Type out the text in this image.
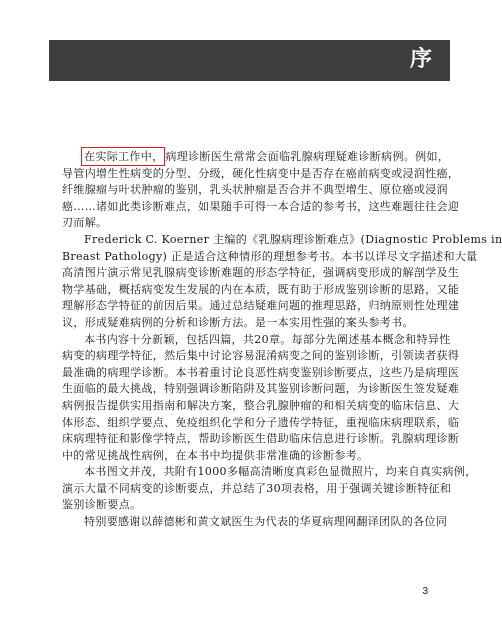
序
在实际工作中， 病理诊断医生常常会面临乳腺病理疑难诊断病例。例如，
导管内增生性病变的分型、分级，硬化性病变中是否存在癌前病变或浸润性癌，
纤维腺瘤与叶状肿瘤的鉴别，乳头状肿瘤是否合并不典型增生、原位癌或浸润
癌……诸如此类诊断难点，如果随手可得一本合适的参考书，这些难题往往会迎
刃而解。
Frederick C. Koerner 主编的《乳腺病理诊断难点》(Diagnostic Problems in
Breast Pathology) 正是适合这种情形的理想参考书。本书以详尽文字描述和大量
高清图片演示常见乳腺病变诊断难题的形态学特征，强调病变形成的解剖学及生
物学基础，概括病变发生发展的内在本质，既有助于形成鉴别诊断的思路，又能
理解形态学特征的前因后果。通过总结疑难问题的推理思路，归纳原则性处理建
议，形成疑难病例的分析和诊断方法。是一本实用性强的案头参考书。
本书内容十分新颖，包括四篇，共20章。每部分先阐述基本概念和特异性
病变的病理学特征，然后集中讨论容易混淆病变之间的鉴别诊断，引领读者获得
最准确的病理学诊断。本书着重讨论良恶性病变鉴别诊断要点，这些乃是病理医
生面临的最大挑战，特别强调诊断陷阱及其鉴别诊断问题，为诊断医生签发疑难
病例报告提供实用指南和解决方案，整合乳腺肿瘤的和相关病变的临床信息、大
体形态、组织学要点、免疫组织化学和分子遗传学特征，重视临床病理联系，临
床病理特征和影像学特点，帮助诊断医生借助临床信息进行诊断。乳腺病理诊断
中的常见挑战性病例，在本书中均提供非常准确的诊断参考。
本书图文并茂，共附有1000多幅高清晰度真彩色显微照片，均来自真实病例，
演示大量不同病变的诊断要点，并总结了30项表格，用于强调关键诊断特征和
鉴别诊断要点。
特别要感谢以薛德彬和黄文斌医生为代表的华夏病理网翻译团队的各位同
3
